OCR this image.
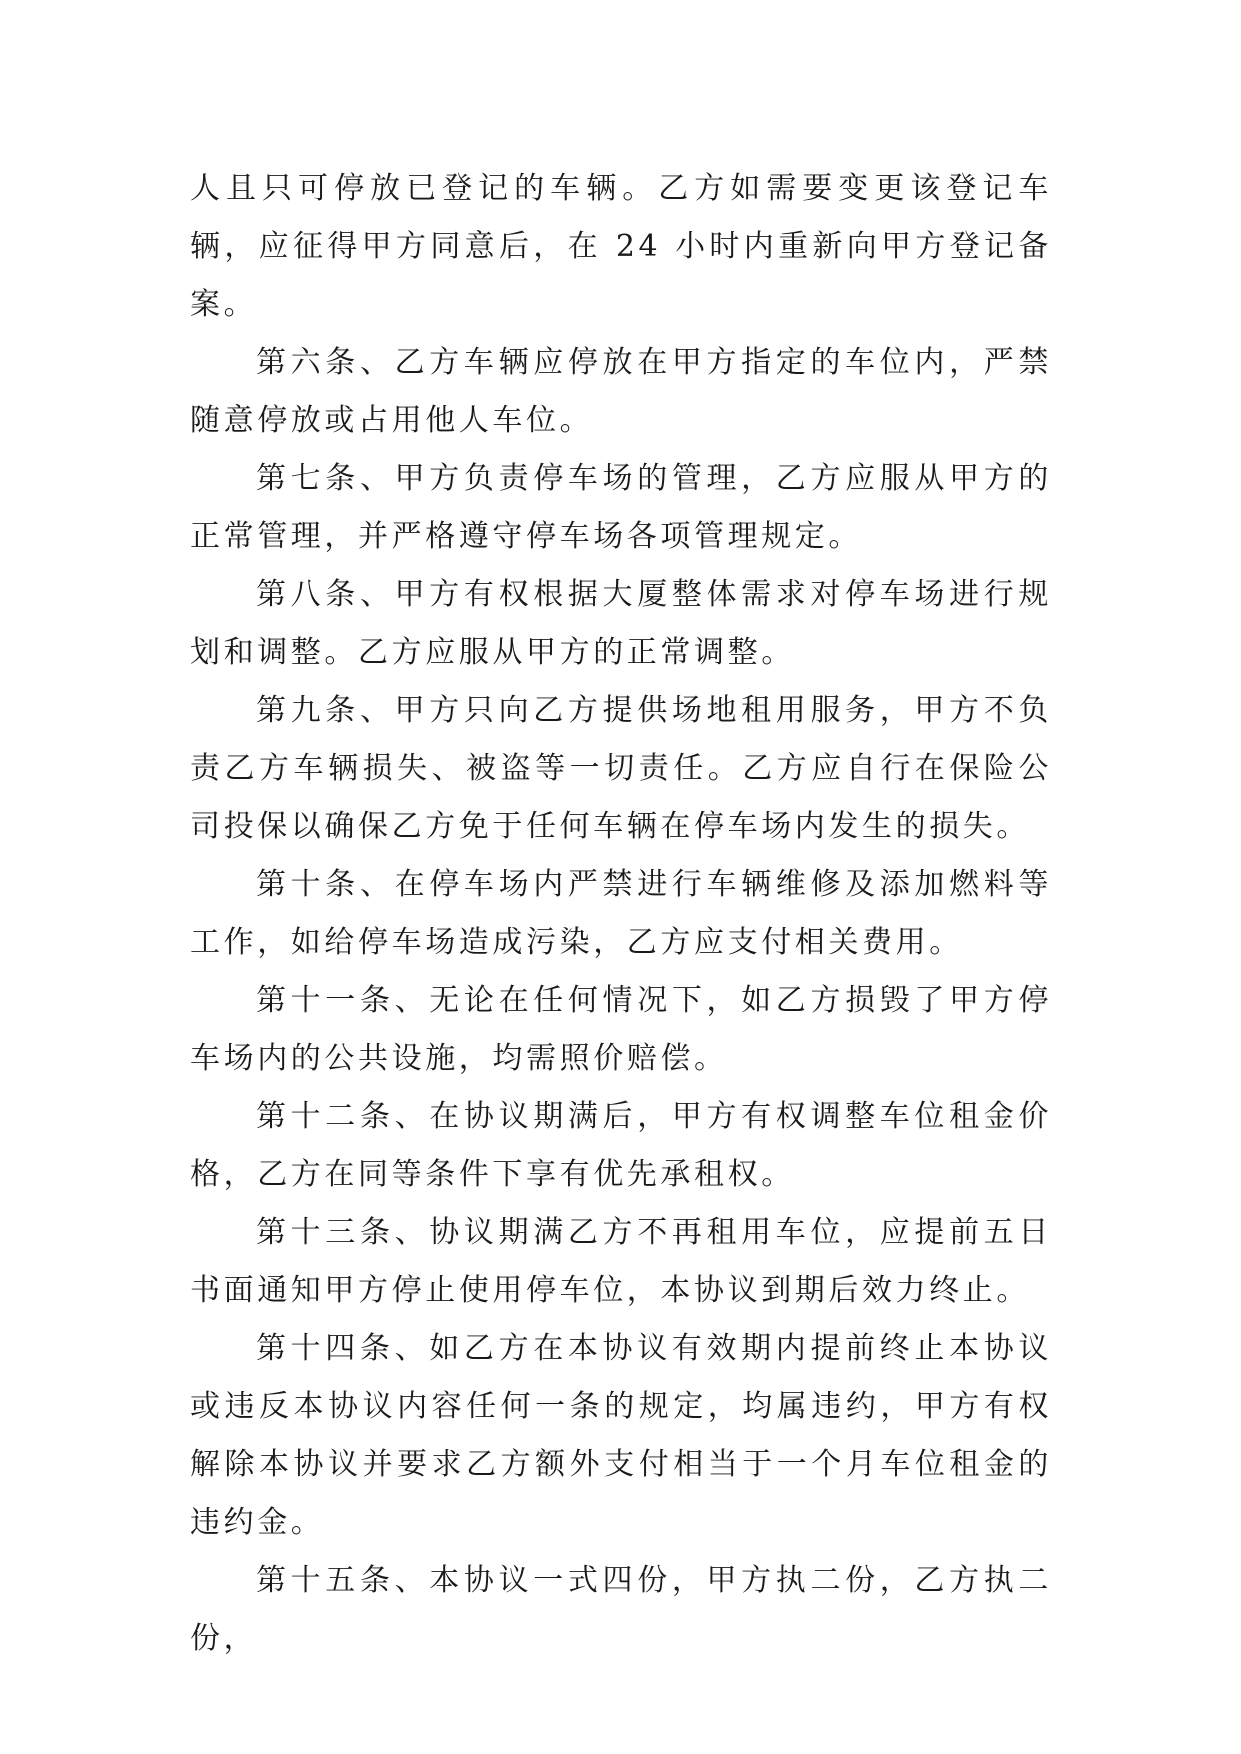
人且只可停放已登记的车辆。乙方如需要变更该登记车辆，应征得甲方同意后，在 24 小时内重新向甲方登记备案。

第六条、乙方车辆应停放在甲方指定的车位内，严禁随意停放或占用他人车位。

第七条、甲方负责停车场的管理，乙方应服从甲方的正常管理，并严格遵守停车场各项管理规定。

第八条、甲方有权根据大厦整体需求对停车场进行规划和调整。乙方应服从甲方的正常调整。

第九条、甲方只向乙方提供场地租用服务，甲方不负责乙方车辆损失、被盗等一切责任。乙方应自行在保险公司投保以确保乙方免于任何车辆在停车场内发生的损失。

第十条、在停车场内严禁进行车辆维修及添加燃料等工作，如给停车场造成污染，乙方应支付相关费用。

第十一条、无论在任何情况下，如乙方损毁了甲方停车场内的公共设施，均需照价赔偿。

第十二条、在协议期满后，甲方有权调整车位租金价格，乙方在同等条件下享有优先承租权。

第十三条、协议期满乙方不再租用车位，应提前五日书面通知甲方停止使用停车位，本协议到期后效力终止。

第十四条、如乙方在本协议有效期内提前终止本协议或违反本协议内容任何一条的规定，均属违约，甲方有权解除本协议并要求乙方额外支付相当于一个月车位租金的违约金。

第十五条、本协议一式四份，甲方执二份，乙方执二份，
